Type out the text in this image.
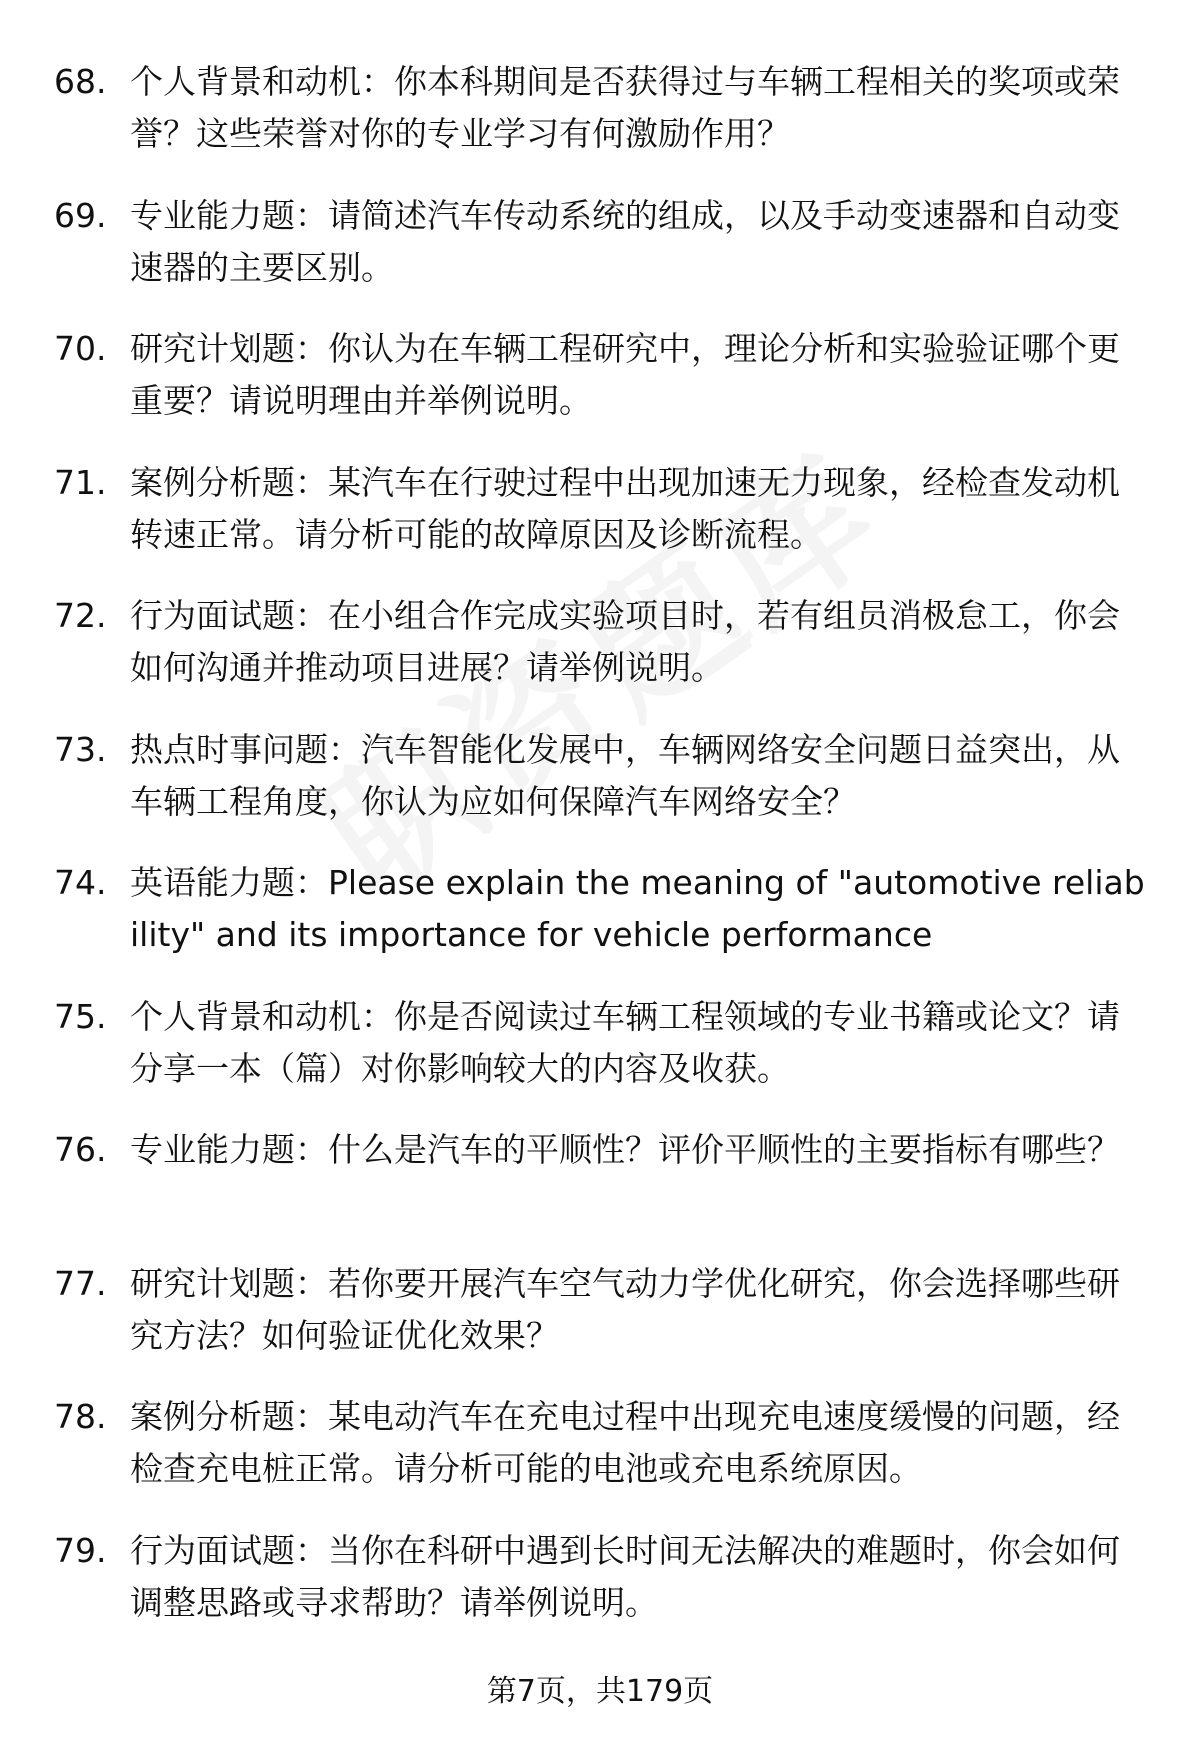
68. 个人背景和动机：你本科期间是否获得过与车辆工程相关的奖项或荣誉？这些荣誉对你的专业学习有何激励作用？
69. 专业能力题：请简述汽车传动系统的组成，以及手动变速器和自动变速器的主要区别。
70. 研究计划题：你认为在车辆工程研究中，理论分析和实验验证哪个更重要？请说明理由并举例说明。
71. 案例分析题：某汽车在行驶过程中出现加速无力现象，经检查发动机转速正常。请分析可能的故障原因及诊断流程。
72. 行为面试题：在小组合作完成实验项目时，若有组员消极怠工，你会如何沟通并推动项目进展？请举例说明。
73. 热点时事问题：汽车智能化发展中，车辆网络安全问题日益突出，从车辆工程角度，你认为应如何保障汽车网络安全？
74. 英语能力题：Please explain the meaning of "automotive reliability" and its importance for vehicle performance
75. 个人背景和动机：你是否阅读过车辆工程领域的专业书籍或论文？请分享一本（篇）对你影响较大的内容及收获。
76. 专业能力题：什么是汽车的平顺性？评价平顺性的主要指标有哪些？
77. 研究计划题：若你要开展汽车空气动力学优化研究，你会选择哪些研究方法？如何验证优化效果？
78. 案例分析题：某电动汽车在充电过程中出现充电速度缓慢的问题，经检查充电桩正常。请分析可能的电池或充电系统原因。
79. 行为面试题：当你在科研中遇到长时间无法解决的难题时，你会如何调整思路或寻求帮助？请举例说明。
第7页，共179页
